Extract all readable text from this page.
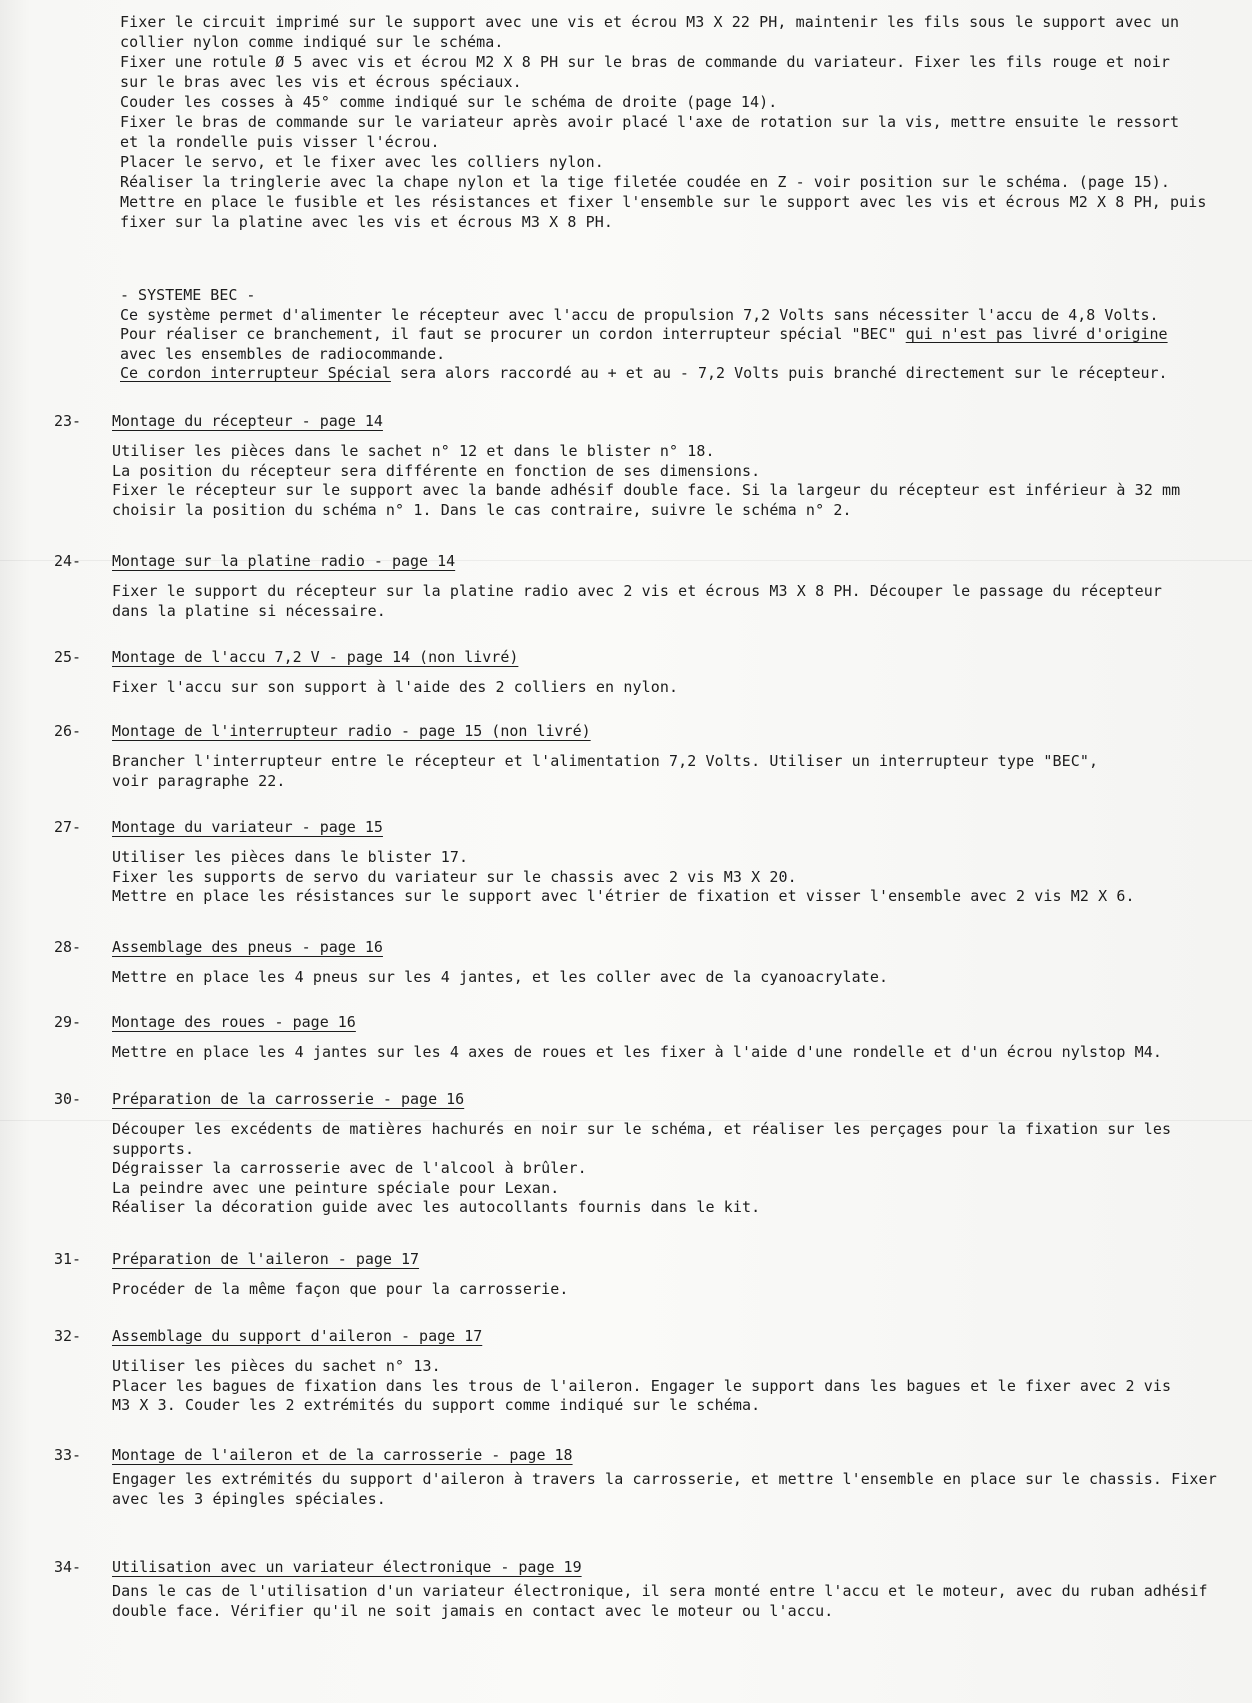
Fixer le circuit imprimé sur le support avec une vis et écrou M3 X 22 PH, maintenir les fils sous le support avec un
collier nylon comme indiqué sur le schéma.
Fixer une rotule Ø 5 avec vis et écrou M2 X 8 PH sur le bras de commande du variateur. Fixer les fils rouge et noir
sur le bras avec les vis et écrous spéciaux.
Couder les cosses à 45° comme indiqué sur le schéma de droite (page 14).
Fixer le bras de commande sur le variateur après avoir placé l'axe de rotation sur la vis, mettre ensuite le ressort
et la rondelle puis visser l'écrou.
Placer le servo, et le fixer avec les colliers nylon.
Réaliser la tringlerie avec la chape nylon et la tige filetée coudée en Z - voir position sur le schéma. (page 15).
Mettre en place le fusible et les résistances et fixer l'ensemble sur le support avec les vis et écrous M2 X 8 PH, puis
fixer sur la platine avec les vis et écrous M3 X 8 PH.
- SYSTEME BEC -
Ce système permet d'alimenter le récepteur avec l'accu de propulsion 7,2 Volts sans nécessiter l'accu de 4,8 Volts.
Pour réaliser ce branchement, il faut se procurer un cordon interrupteur spécial "BEC" qui n'est pas livré d'origine
avec les ensembles de radiocommande.
Ce cordon interrupteur Spécial sera alors raccordé au + et au - 7,2 Volts puis branché directement sur le récepteur.
23-	Montage du récepteur - page 14
Utiliser les pièces dans le sachet n° 12 et dans le blister n° 18.
La position du récepteur sera différente en fonction de ses dimensions.
Fixer le récepteur sur le support avec la bande adhésif double face. Si la largeur du récepteur est inférieur à 32 mm
choisir la position du schéma n° 1. Dans le cas contraire, suivre le schéma n° 2.
24-	Montage sur la platine radio - page 14
Fixer le support du récepteur sur la platine radio avec 2 vis et écrous M3 X 8 PH. Découper le passage du récepteur
dans la platine si nécessaire.
25-	Montage de l'accu 7,2 V - page 14 (non livré)
Fixer l'accu sur son support à l'aide des 2 colliers en nylon.
26-	Montage de l'interrupteur radio - page 15 (non livré)
Brancher l'interrupteur entre le récepteur et l'alimentation 7,2 Volts. Utiliser un interrupteur type "BEC",
voir paragraphe 22.
27-	Montage du variateur - page 15
Utiliser les pièces dans le blister 17.
Fixer les supports de servo du variateur sur le chassis avec 2 vis M3 X 20.
Mettre en place les résistances sur le support avec l'étrier de fixation et visser l'ensemble avec 2 vis M2 X 6.
28-	Assemblage des pneus - page 16
Mettre en place les 4 pneus sur les 4 jantes, et les coller avec de la cyanoacrylate.
29-	Montage des roues - page 16
Mettre en place les 4 jantes sur les 4 axes de roues et les fixer à l'aide d'une rondelle et d'un écrou nylstop M4.
30-	Préparation de la carrosserie - page 16
Découper les excédents de matières hachurés en noir sur le schéma, et réaliser les perçages pour la fixation sur les
supports.
Dégraisser la carrosserie avec de l'alcool à brûler.
La peindre avec une peinture spéciale pour Lexan.
Réaliser la décoration guide avec les autocollants fournis dans le kit.
31-	Préparation de l'aileron - page 17
Procéder de la même façon que pour la carrosserie.
32-	Assemblage du support d'aileron - page 17
Utiliser les pièces du sachet n° 13.
Placer les bagues de fixation dans les trous de l'aileron. Engager le support dans les bagues et le fixer avec 2 vis
M3 X 3. Couder les 2 extrémités du support comme indiqué sur le schéma.
33-	Montage de l'aileron et de la carrosserie - page 18
Engager les extrémités du support d'aileron à travers la carrosserie, et mettre l'ensemble en place sur le chassis. Fixer
avec les 3 épingles spéciales.
34-	Utilisation avec un variateur électronique - page 19
Dans le cas de l'utilisation d'un variateur électronique, il sera monté entre l'accu et le moteur, avec du ruban adhésif
double face. Vérifier qu'il ne soit jamais en contact avec le moteur ou l'accu.
